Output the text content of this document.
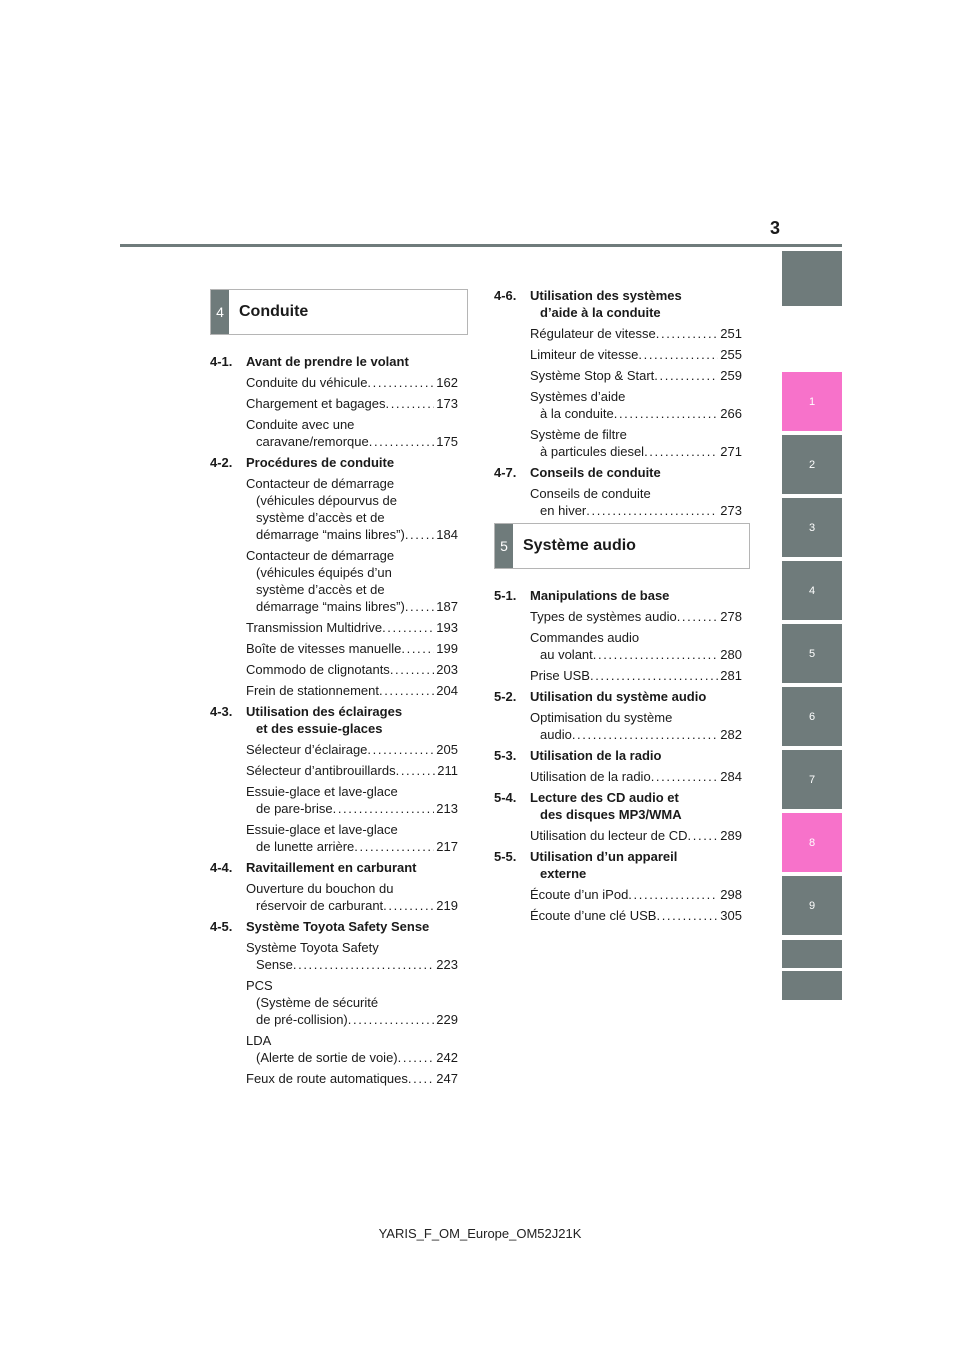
3
1
2
3
4
5
6
7
8
9
4 Conduite
4-1. Avant de prendre le volant
Conduite du véhicule . . .	162
Chargement et bagages . . .	173
Conduite avec une
caravane/remorque . . .	175
4-2. Procédures de conduite
Contacteur de démarrage
(véhicules dépourvus de
système d’accès et de
démarrage “mains libres”) . . . 184
Contacteur de démarrage
(véhicules équipés d’un
système d’accès et de
démarrage “mains libres”) . . . 187
Transmission Multidrive . . .	193
Boîte de vitesses manuelle . . .	199
Commodo de clignotants . . .	203
Frein de stationnement . . .	204
4-3. Utilisation des éclairages
et des essuie-glaces
Sélecteur d’éclairage . . .	205
Sélecteur d’antibrouillards . . .	211
Essuie-glace et lave-glace
de pare-brise . . .	213
Essuie-glace et lave-glace
de lunette arrière . . .	217
4-4. Ravitaillement en carburant
Ouverture du bouchon du
réservoir de carburant . . .	219
4-5. Système Toyota Safety Sense
Système Toyota Safety
Sense . . .	223
PCS
(Système de sécurité
de pré-collision) . . .	229
LDA
(Alerte de sortie de voie) . . .	242
Feux de route automatiques . . . 247
4-6. Utilisation des systèmes
d’aide à la conduite
Régulateur de vitesse . . .	251
Limiteur de vitesse . . .	255
Système Stop & Start . . .	259
Systèmes d’aide
à la conduite . . .	266
Système de filtre
à particules diesel . . .	271
4-7. Conseils de conduite
Conseils de conduite
en hiver . . .	273
5 Système audio
5-1. Manipulations de base
Types de systèmes audio . . .	278
Commandes audio
au volant . . .	280
Prise USB . . .	281
5-2. Utilisation du système audio
Optimisation du système
audio . . .	282
5-3. Utilisation de la radio
Utilisation de la radio . . .	284
5-4. Lecture des CD audio et
des disques MP3/WMA
Utilisation du lecteur de CD . . .	289
5-5. Utilisation d’un appareil
externe
Écoute d’un iPod . . .	298
Écoute d’une clé USB . . .	305
YARIS_F_OM_Europe_OM52J21K
